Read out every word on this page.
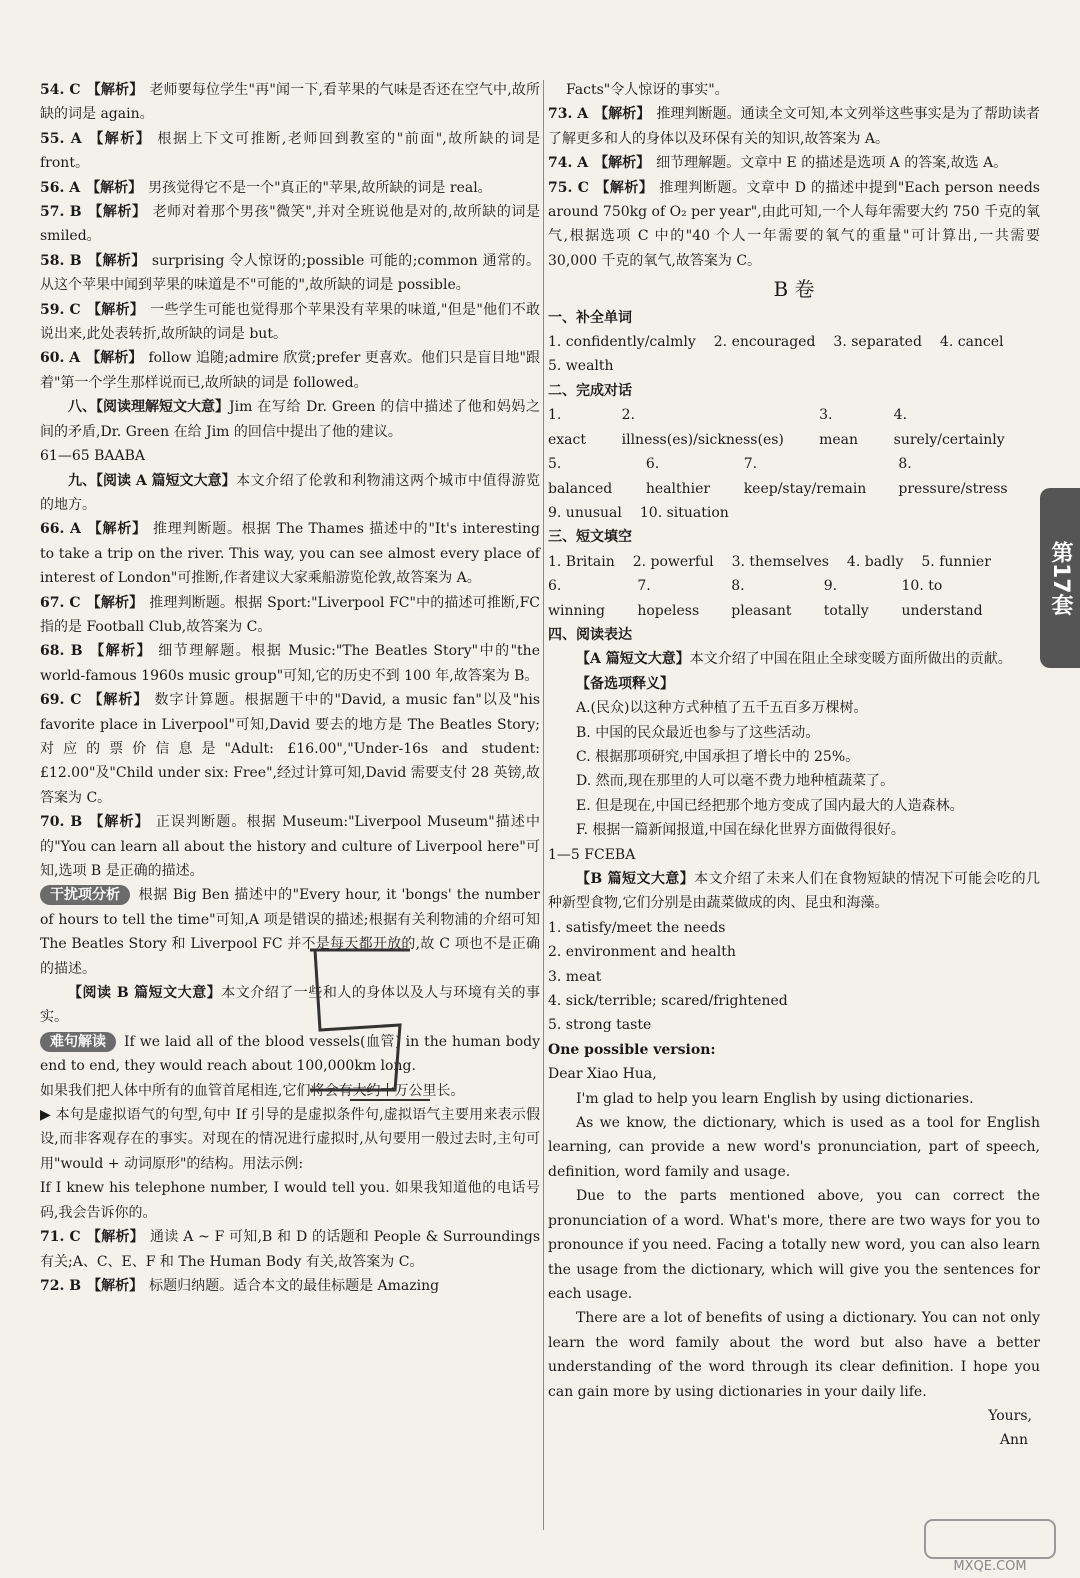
54. C 【解析】 老师要每位学生"再"闻一下,看苹果的气味是否还在空气中,故所缺的词是 again。

55. A 【解析】 根据上下文可推断,老师回到教室的"前面",故所缺的词是 front。

56. A 【解析】 男孩觉得它不是一个"真正的"苹果,故所缺的词是 real。

57. B 【解析】 老师对着那个男孩"微笑",并对全班说他是对的,故所缺的词是 smiled。

58. B 【解析】 surprising 令人惊讶的;possible 可能的;common 通常的。从这个苹果中闻到苹果的味道是不"可能的",故所缺的词是 possible。

59. C 【解析】 一些学生可能也觉得那个苹果没有苹果的味道,"但是"他们不敢说出来,此处表转折,故所缺的词是 but。

60. A 【解析】 follow 追随;admire 欣赏;prefer 更喜欢。他们只是盲目地"跟着"第一个学生那样说而已,故所缺的词是 followed。

八、【阅读理解短文大意】Jim 在写给 Dr. Green 的信中描述了他和妈妈之间的矛盾,Dr. Green 在给 Jim 的回信中提出了他的建议。

61—65 BAABA

九、【阅读 A 篇短文大意】本文介绍了伦敦和利物浦这两个城市中值得游览的地方。

66. A 【解析】 推理判断题。根据 The Thames 描述中的"It's interesting to take a trip on the river. This way, you can see almost every place of interest of London"可推断,作者建议大家乘船游览伦敦,故答案为 A。

67. C 【解析】 推理判断题。根据 Sport:"Liverpool FC"中的描述可推断,FC 指的是 Football Club,故答案为 C。

68. B 【解析】 细节理解题。根据 Music:"The Beatles Story"中的"the world-famous 1960s music group"可知,它的历史不到 100 年,故答案为 B。

69. C 【解析】 数字计算题。根据题干中的"David, a music fan"以及"his favorite place in Liverpool"可知,David 要去的地方是 The Beatles Story;对应的票价信息是"Adult: £16.00","Under-16s and student: £12.00"及"Child under six: Free",经过计算可知,David 需要支付 28 英镑,故答案为 C。

70. B 【解析】 正误判断题。根据 Museum:"Liverpool Museum"描述中的"You can learn all about the history and culture of Liverpool here"可知,选项 B 是正确的描述。

干扰项分析 根据 Big Ben 描述中的"Every hour, it 'bongs' the number of hours to tell the time"可知,A 项是错误的描述;根据有关利物浦的介绍可知 The Beatles Story 和 Liverpool FC 并不是每天都开放的,故 C 项也不是正确的描述。

【阅读 B 篇短文大意】本文介绍了一些和人的身体以及人与环境有关的事实。

难句解读 If we laid all of the blood vessels(血管) in the human body end to end, they would reach about 100,000km long.

如果我们把人体中所有的血管首尾相连,它们将会有大约十万公里长。

▶ 本句是虚拟语气的句型,句中 If 引导的是虚拟条件句,虚拟语气主要用来表示假设,而非客观存在的事实。对现在的情况进行虚拟时,从句要用一般过去时,主句可用"would + 动词原形"的结构。用法示例:

If I knew his telephone number, I would tell you. 如果我知道他的电话号码,我会告诉你的。

71. C 【解析】 通读 A ~ F 可知,B 和 D 的话题和 People & Surroundings 有关;A、C、E、F 和 The Human Body 有关,故答案为 C。

72. B 【解析】 标题归纳题。适合本文的最佳标题是 Amazing

Facts"令人惊讶的事实"。

73. A 【解析】 推理判断题。通读全文可知,本文列举这些事实是为了帮助读者了解更多和人的身体以及环保有关的知识,故答案为 A。

74. A 【解析】 细节理解题。文章中 E 的描述是选项 A 的答案,故选 A。

75. C 【解析】 推理判断题。文章中 D 的描述中提到"Each person needs around 750kg of O₂ per year",由此可知,一个人每年需要大约 750 千克的氧气,根据选项 C 中的"40 个人一年需要的氧气的重量"可计算出,一共需要 30,000 千克的氧气,故答案为 C。

B 卷

一、补全单词

1. confidently/calmly 2. encouraged 3. separated 4. cancel
5. wealth

二、完成对话

1. exact
2. illness(es)/sickness(es)
3. mean
4. surely/certainly
5. balanced
6. healthier
7. keep/stay/remain
8. pressure/stress
9. unusual 10. situation

三、短文填空

1. Britain 2. powerful 3. themselves 4. badly 5. funnier
6. winning
7. hopeless
8. pleasant
9. totally
10. to understand

四、阅读表达

【A 篇短文大意】本文介绍了中国在阻止全球变暖方面所做出的贡献。

【备选项释义】

A.(民众)以这种方式种植了五千五百多万棵树。

B. 中国的民众最近也参与了这些活动。

C. 根据那项研究,中国承担了增长中的 25%。

D. 然而,现在那里的人可以毫不费力地种植蔬菜了。

E. 但是现在,中国已经把那个地方变成了国内最大的人造森林。

F. 根据一篇新闻报道,中国在绿化世界方面做得很好。

1—5 FCEBA

【B 篇短文大意】本文介绍了未来人们在食物短缺的情况下可能会吃的几种新型食物,它们分别是由蔬菜做成的肉、昆虫和海藻。

1. satisfy/meet the needs

2. environment and health

3. meat

4. sick/terrible; scared/frightened

5. strong taste

One possible version:

Dear Xiao Hua,

I'm glad to help you learn English by using dictionaries.

As we know, the dictionary, which is used as a tool for English learning, can provide a new word's pronunciation, part of speech, definition, word family and usage.

Due to the parts mentioned above, you can correct the pronunciation of a word. What's more, there are two ways for you to pronounce if you need. Facing a totally new word, you can also learn the usage from the dictionary, which will give you the sentences for each usage.

There are a lot of benefits of using a dictionary. You can not only learn the word family about the word but also have a better understanding of the word through its clear definition. I hope you can gain more by using dictionaries in your daily life.

Yours,

Ann

第17套
MXQE.COM
